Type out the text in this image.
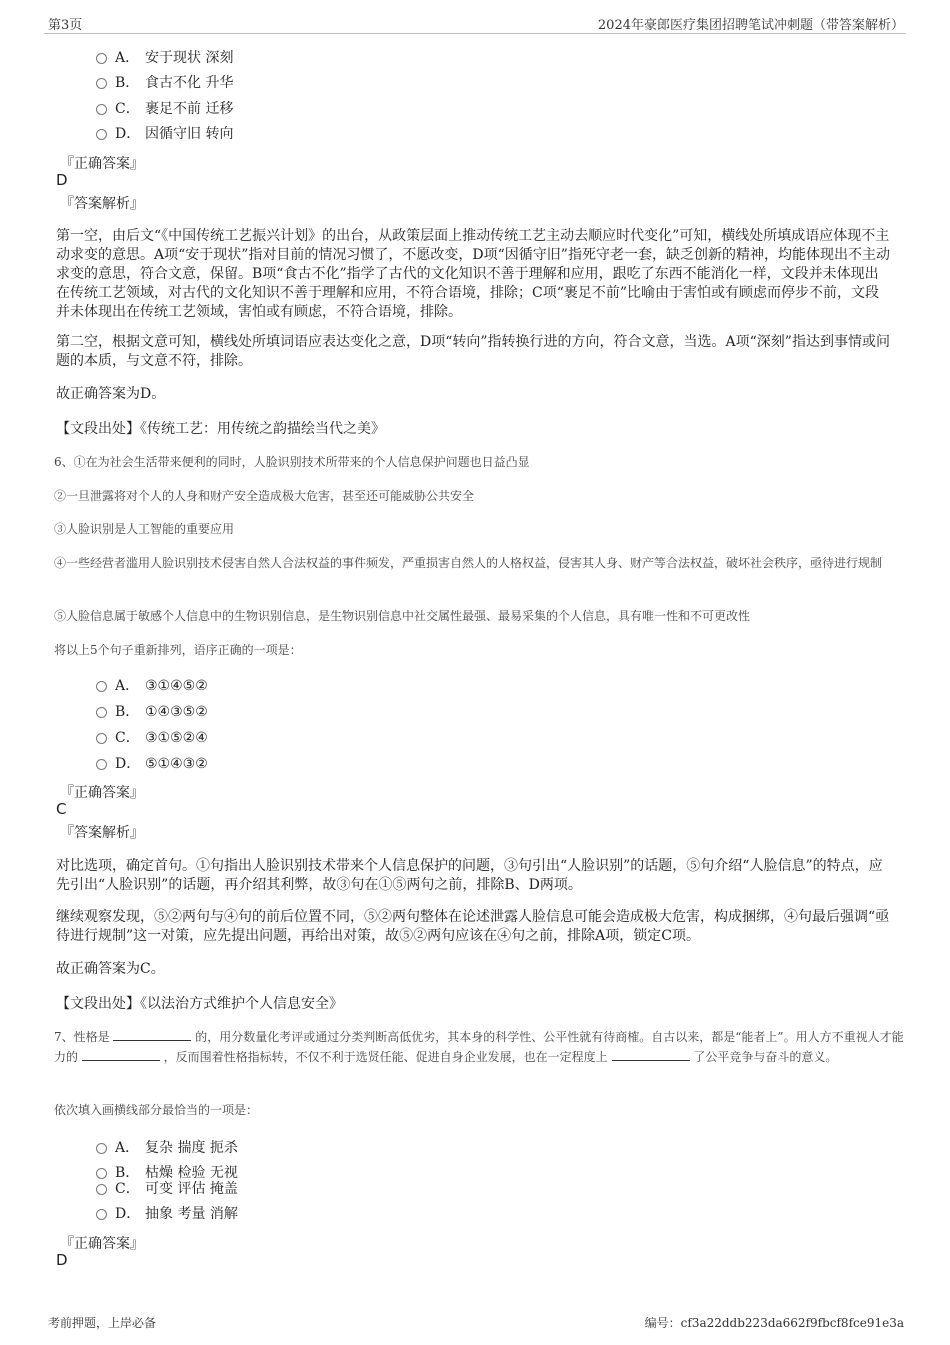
第3页	2024年豪郎医疗集团招聘笔试冲刺题（带答案解析）
A． 安于现状 深刻
B． 食古不化 升华
C． 裹足不前 迁移
D． 因循守旧 转向
『正确答案』
D
『答案解析』
第一空，由后文“《中国传统工艺振兴计划》的出台，从政策层面上推动传统工艺主动去顺应时代变化”可知，横线处所填成语应体现不主动求变的意思。A项“安于现状”指对目前的情况习惯了，不愿改变，D项“因循守旧”指死守老一套，缺乏创新的精神，均能体现出不主动求变的意思，符合文意，保留。B项“食古不化”指学了古代的文化知识不善于理解和应用，跟吃了东西不能消化一样，文段并未体现出在传统工艺领域，对古代的文化知识不善于理解和应用，不符合语境，排除；C项“裹足不前”比喻由于害怕或有顾虑而停步不前，文段并未体现出在传统工艺领域，害怕或有顾虑，不符合语境，排除。
第二空，根据文意可知，横线处所填词语应表达变化之意，D项“转向”指转换行进的方向，符合文意，当选。A项“深刻”指达到事情或问题的本质，与文意不符，排除。
故正确答案为D。
【文段出处】《传统工艺：用传统之韵描绘当代之美》
6、①在为社会生活带来便利的同时，人脸识别技术所带来的个人信息保护问题也日益凸显
②一旦泄露将对个人的人身和财产安全造成极大危害，甚至还可能威胁公共安全
③人脸识别是人工智能的重要应用
④一些经营者滥用人脸识别技术侵害自然人合法权益的事件频发，严重损害自然人的人格权益，侵害其人身、财产等合法权益，破坏社会秩序，亟待进行规制
⑤人脸信息属于敏感个人信息中的生物识别信息，是生物识别信息中社交属性最强、最易采集的个人信息，具有唯一性和不可更改性
将以上5个句子重新排列，语序正确的一项是：
A． ③①④⑤②
B． ①④③⑤②
C． ③①⑤②④
D． ⑤①④③②
『正确答案』
C
『答案解析』
对比选项，确定首句。①句指出人脸识别技术带来个人信息保护的问题，③句引出“人脸识别”的话题，⑤句介绍“人脸信息”的特点，应先引出“人脸识别”的话题，再介绍其利弊，故③句在①⑤两句之前，排除B、D两项。
继续观察发现，⑤②两句与④句的前后位置不同，⑤②两句整体在论述泄露人脸信息可能会造成极大危害，构成捆绑，④句最后强调“亟待进行规制”这一对策，应先提出问题，再给出对策，故⑤②两句应该在④句之前，排除A项，锁定C项。
故正确答案为C。
【文段出处】《以法治方式维护个人信息安全》
7、性格是	的，用分数量化考评或通过分类判断高低优劣，其本身的科学性、公平性就有待商榷。自古以来，都是“能者上”。用人方不重视人才能力的	，反而围着性格指标转，不仅不利于选贤任能、促进自身企业发展，也在一定程度上	了公平竞争与奋斗的意义。
依次填入画横线部分最恰当的一项是：
A． 复杂 揣度 扼杀
B． 枯燥 检验 无视
C． 可变 评估 掩盖
D． 抽象 考量 消解
『正确答案』
D
考前押题，上岸必备	编号：cf3a22ddb223da662f9fbcf8fce91e3a
